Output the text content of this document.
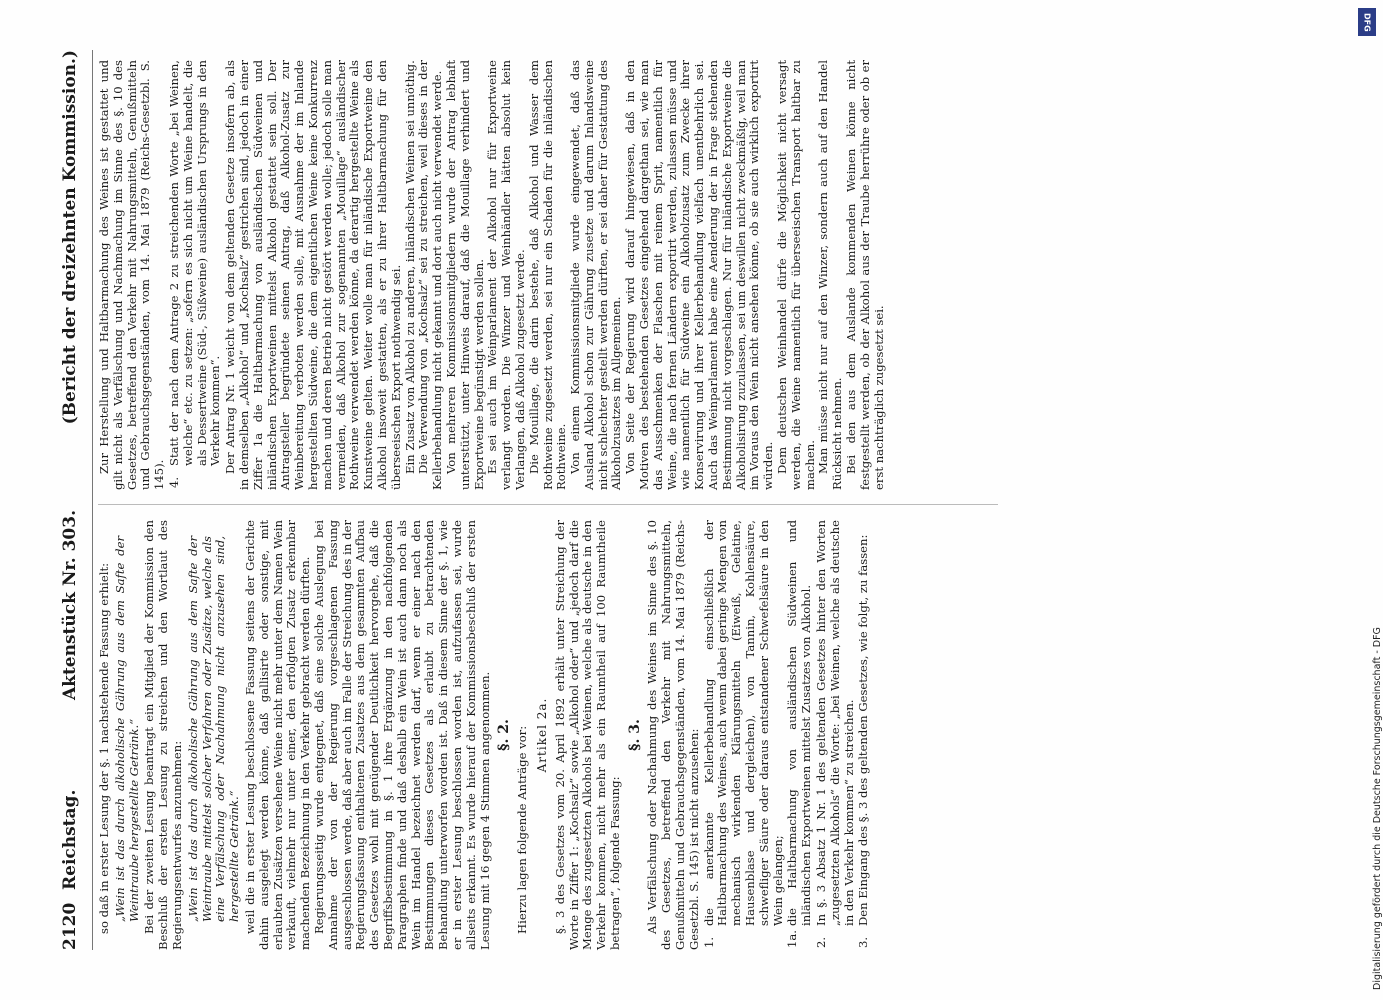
2120
Reichstag.
Aktenstück Nr. 303.
(Bericht der dreizehnten Kommission.)
so daß in erster Lesung der §. 1 nachstehende Fassung erhielt: „Wein ist das durch alkoholische Gährung aus dem Safte der Weintraube hergestellte Getränk.“ Bei der zweiten Lesung beantragt ein Mitglied der Kommission den Beschluß der ersten Lesung zu streichen und den Wortlaut des Regierungsentwurfes anzunehmen: „Wein ist das durch alkoholische Gährung aus dem Safte der Weintraube mittelst solcher Verfahren oder Zusätze, welche als eine Verfälschung oder Nachahmung nicht anzusehen sind, hergestellte Getränk.“ weil die in erster Lesung beschlossene Fassung seitens der Gerichte dahin ausgelegt werden könne, daß gallisirte oder sonstige, mit erlaubten Zusätzen versehene Weine nicht mehr unter dem Namen Wein verkauft, vielmehr nur unter einer, den erfolgten Zusatz erkennbar machenden Bezeichnung in den Verkehr gebracht werden dürften. Regierungsseitig wurde entgegnet, daß eine solche Auslegung bei Annahme der von der Regierung vorgeschlagenen Fassung ausgeschlossen werde, daß aber auch im Falle der Streichung des in der Regierungsfassung enthaltenen Zusatzes aus dem gesammten Aufbau des Gesetzes wohl mit genügender Deutlichkeit hervorgehe, daß die Begriffsbestimmung in §. 1 ihre Ergänzung in den nachfolgenden Paragraphen finde und daß deshalb ein Wein ist auch dann noch als Wein im Handel bezeichnet werden darf, wenn er einer nach den Bestimmungen dieses Gesetzes als erlaubt zu betrachtenden Behandlung unterworfen worden ist. Daß in diesem Sinne der §. 1, wie er in erster Lesung beschlossen worden ist, aufzufassen sei, wurde allseits erkannt. Es wurde hierauf der Kommissionsbeschluß der ersten Lesung mit 16 gegen 4 Stimmen angenommen. §. 2. Hierzu lagen folgende Anträge vor: Artikel 2a. §. 3 des Gesetzes vom 20. April 1892 erhält unter Streichung der Worte in Ziffer 1: „Kochsalz“ sowie „Alkohol oder“ und „jedoch darf die Menge des zugesetzten Alkohols bei Weinen, welche als deutsche in den Verkehr kommen, nicht mehr als ein Raumtheil auf 100 Raumtheile betragen“, folgende Fassung:
§. 3. Als Verfälschung oder Nachahmung des Weines im Sinne des §. 10 des Gesetzes, betreffend den Verkehr mit Nahrungsmitteln, Genußmitteln und Gebrauchsgegenständen, vom 14. Mai 1879 (Reichs-Gesetzbl. S. 145) ist nicht anzusehen: 1.die anerkannte Kellerbehandlung einschließlich der Haltbarmachung des Weines, auch wenn dabei geringe Mengen von mechanisch wirkenden Klärungsmitteln (Eiweiß, Gelatine, Hausenblase und dergleichen), von Tannin, Kohlensäure, schwefliger Säure oder daraus entstandener Schwefelsäure in den Wein gelangen;
1a.die Haltbarmachung von ausländischen Südweinen und inländischen Exportweinen mittelst Zusatzes von Alkohol.
2.In §. 3 Absatz 1 Nr. 1 des geltenden Gesetzes hinter den Worten „zugesetzten Alkohols“ die Worte: „bei Weinen, welche als deutsche in den Verkehr kommen“ zu streichen.
3.Den Eingang des §. 3 des geltenden Gesetzes, wie folgt, zu fassen:
Zur Herstellung und Haltbarmachung des Weines ist gestattet und gilt nicht als Verfälschung und Nachmachung im Sinne des §. 10 des Gesetzes, betreffend den Verkehr mit Nahrungsmitteln, Genußmitteln und Gebrauchsgegenständen, vom 14. Mai 1879 (Reichs-Gesetzbl. S. 145). 4.Statt der nach dem Antrage 2 zu streichenden Worte „bei Weinen, welche“ etc. zu setzen: „sofern es sich nicht um Weine handelt, die als Dessertweine (Süd-, Süßweine) ausländischen Ursprungs in den Verkehr kommen“. Der Antrag Nr. 1 weicht von dem geltenden Gesetze insofern ab, als in demselben „Alkohol“ und „Kochsalz“ gestrichen sind, jedoch in einer Ziffer 1a die Haltbarmachung von ausländischen Südweinen und inländischen Exportweinen mittelst Alkohol gestattet sein soll. Der Antragsteller begründete seinen Antrag, daß Alkohol-Zusatz zur Weinbereitung verboten werden solle, mit Ausnahme der im Inlande hergestellten Südweine, die dem eigentlichen Weine keine Konkurrenz machen und deren Betrieb nicht gestört werden wolle; jedoch solle man vermeiden, daß Alkohol zur sogenannten „Mouillage“ ausländischer Rothweine verwendet werden könne, da derartig hergestellte Weine als Kunstweine gelten. Weiter wolle man für inländische Exportweine den Alkohol insoweit gestatten, als er zu ihrer Haltbarmachung für den überseeischen Export nothwendig sei. Ein Zusatz von Alkohol zu anderen, inländischen Weinen sei unnöthig. Die Verwendung von „Kochsalz“ sei zu streichen, weil dieses in der Kellerbehandlung nicht gekannt und dort auch nicht verwendet werde. Von mehreren Kommissionsmitgliedern wurde der Antrag lebhaft unterstützt, unter Hinweis darauf, daß die Mouillage verhindert und Exportweine begünstigt werden sollen. Es sei auch im Weinparlament der Alkohol nur für Exportweine verlangt worden. Die Winzer und Weinhändler hätten absolut kein Verlangen, daß Alkohol zugesetzt werde. Die Mouillage, die darin bestehe, daß Alkohol und Wasser dem Rothweine zugesetzt werden, sei nur ein Schaden für die inländischen Rothweine. Von einem Kommissionsmitgliede wurde eingewendet, daß das Ausland Alkohol schon zur Gährung zusetze und darum Inlandsweine nicht schlechter gestellt werden dürften, er sei daher für Gestattung des Alkoholzusatzes im Allgemeinen. Von Seite der Regierung wird darauf hingewiesen, daß in den Motiven des bestehenden Gesetzes eingehend dargethan sei, wie man das Ausschmenken der Flaschen mit reinem Sprit, namentlich für Weine, die nach fernen Ländern exportirt werden, zulassen müsse und wie namentlich für Südweine ein Alkoholzusatz zum Zwecke ihrer Konservirung und ihrer Kellerbehandlung vielfach unentbehrlich sei. Auch das Weinparlament habe eine Aenderung der in Frage stehenden Bestimmung nicht vorgeschlagen. Nur für inländische Exportweine die Alkoholisirung zuzulassen, sei um deswillen nicht zweckmäßig, weil man im Voraus den Wein nicht ansehen könne, ob sie auch wirklich exportirt würden. Dem deutschen Weinhandel dürfe die Möglichkeit nicht versagt werden, die Weine namentlich für überseeischen Transport haltbar zu machen. Man müsse nicht nur auf den Winzer, sondern auch auf den Handel Rücksicht nehmen. Bei den aus dem Auslande kommenden Weinen könne nicht festgestellt werden, ob der Alkohol aus der Traube herrühre oder ob er erst nachträglich zugesetzt sei.
Digitalisierung gefördert durch die Deutsche Forschungsgemeinschaft - DFG
DFG
